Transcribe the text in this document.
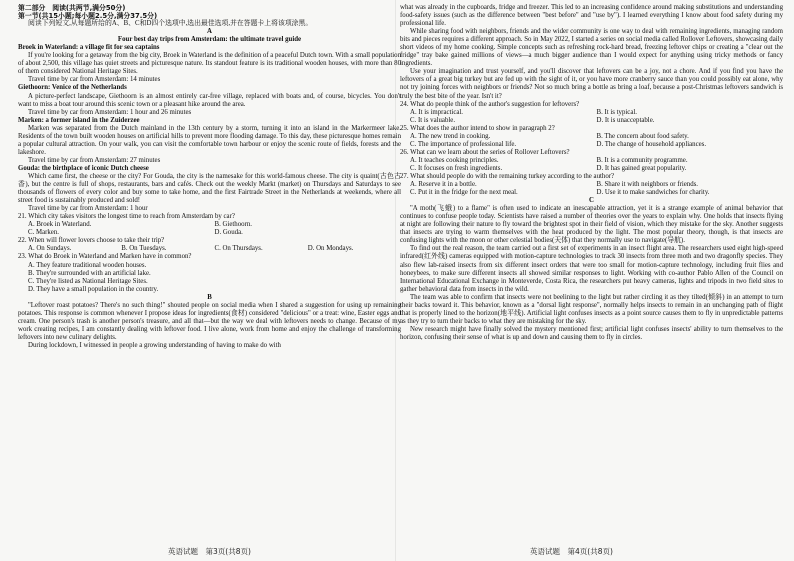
第二部分　阅读(共两节,满分50分)

第一节(共15小题;每小题2.5分,满分37.5分)

阅读下列短文,从每题所给的A、B、C和D四个选项中,选出最佳选项,并在答题卡上将该项涂黑。

A

Four best day trips from Amsterdam: the ultimate travel guide

Broek in Waterland: a village fit for sea captains

If you're looking for a getaway from the big city, Broek in Waterland is the definition of a peaceful Dutch town. With a small population of about 2,500, this village has quiet streets and picturesque nature. Its standout feature is its traditional wooden houses, with more than 80 of them considered National Heritage Sites.

Travel time by car from Amsterdam: 14 minutes

Giethoorn: Venice of the Netherlands

A picture-perfect landscape, Giethoorn is an almost entirely car-free village, replaced with boats and, of course, bicycles. You don't want to miss a boat tour around this scenic town or a pleasant hike around the area.

Travel time by car from Amsterdam: 1 hour and 26 minutes

Marken: a former island in the Zuiderzee

Marken was separated from the Dutch mainland in the 13th century by a storm, turning it into an island in the Markermeer lake. Residents of the town built wooden houses on artificial hills to prevent more flooding damage. To this day, these picturesque homes remain a popular cultural attraction. On your walk, you can visit the comfortable town harbour or enjoy the scenic route of fields, forests and the lakeshore.

Travel time by car from Amsterdam: 27 minutes

Gouda: the birthplace of iconic Dutch cheese

Which came first, the cheese or the city? For Gouda, the city is the namesake for this world-famous cheese. The city is quaint(古色古香), but the centre is full of shops, restaurants, bars and cafés. Check out the weekly Markt (market) on Thursdays and Saturdays to see thousands of flowers of every color and buy some to take home, and the first Fairtrade Street in the Netherlands at weekends, where all street food is sustainably produced and sold!

Travel time by car from Amsterdam: 1 hour

21. Which city takes visitors the longest time to reach from Amsterdam by car?

A. Broek in Waterland.	B. Giethoorn.
C. Marken.	D. Gouda.

22. When will flower lovers choose to take their trip?

A. On Sundays.	B. On Tuesdays.	C. On Thursdays.	D. On Mondays.

23. What do Broek in Waterland and Marken have in common?

A. They feature traditional wooden houses.
B. They're surrounded with an artificial lake.
C. They're listed as National Heritage Sites.
D. They have a small population in the country.

B

"Leftover roast potatoes? There's no such thing!" shouted people on social media when I shared a suggestion for using up remaining potatoes. This response is common whenever I propose ideas for ingredients(食材) considered "delicious" or a treat: wine, Easter eggs and cream. One person's trash is another person's treasure, and all that—but the way we deal with leftovers needs to change. Because of my work creating recipes, I am constantly dealing with leftover food. I live alone, work from home and enjoy the challenge of transforming leftovers into new culinary delights.

During lockdown, I witnessed in people a growing understanding of having to make do with

what was already in the cupboards, fridge and freezer. This led to an increasing confidence around making substitutions and understanding food-safety issues (such as the difference between "best before" and "use by"). I learned everything I know about food safety during my professional life.

While sharing food with neighbors, friends and the wider community is one way to deal with remaining ingredients, managing random bits and pieces requires a different approach. So in May 2022, I started a series on social media called Rollover Leftovers, showcasing daily short videos of my home cooking. Simple concepts such as refreshing rock-hard bread, freezing leftover chips or creating a "clear out the fridge" tray bake gained millions of views—a much bigger audience than I would expect for anything using tricky methods or fancy ingredients.

Use your imagination and trust yourself, and you'll discover that leftovers can be a joy, not a chore. And if you find you have the leftovers of a great big turkey but are fed up with the sight of it, or you have more cranberry sauce than you could possibly eat alone, why not try joining forces with neighbors or friends? Not so much bring a bottle as bring a loaf, because a post-Christmas leftovers sandwich is truly the best bite of the year. Isn't it?

24. What do people think of the author's suggestion for leftovers?

A. It is impractical.	B. It is typical.
C. It is valuable.	D. It is unacceptable.

25. What does the author intend to show in paragraph 2?

A. The new trend in cooking.	B. The concern about food safety.
C. The importance of professional life.	D. The change of household appliances.

26. What can we learn about the series of Rollover Leftovers?

A. It teaches cooking principles.	B. It is a community programme.
C. It focuses on fresh ingredients.	D. It has gained great popularity.

27. What should people do with the remaining turkey according to the author?

A. Reserve it in a bottle.	B. Share it with neighbors or friends.
C. Put it in the fridge for the next meal.	D. Use it to make sandwiches for charity.

C

"A moth(飞蛾) to a flame" is often used to indicate an inescapable attraction, yet it is a strange example of animal behavior that continues to confuse people today. Scientists have raised a number of theories over the years to explain why. One holds that insects flying at night are following their nature to fly toward the brightest spot in their field of vision, which they mistake for the sky. Another suggests that insects are trying to warm themselves with the heat produced by the light. The most popular theory, though, is that insects are confusing lights with the moon or other celestial bodies(天体) that they normally use to navigate(导航).

To find out the real reason, the team carried out a first set of experiments in an insect flight area. The researchers used eight high-speed infrared(红外线) cameras equipped with motion-capture technologies to track 30 insects from three moth and two dragonfly species. They also flew lab-raised insects from six different insect orders that were too small for motion-capture technology, including fruit flies and honeybees, to make sure different insects all showed similar responses to light. Working with co-author Pablo Allen of the Council on International Educational Exchange in Monteverde, Costa Rica, the researchers put heavy cameras, lights and tripods in two field sites to gather behavioral data from insects in the wild.

The team was able to confirm that insects were not beelining to the light but rather circling it as they tilted(倾斜) in an attempt to turn their backs toward it. This behavior, known as a "dorsal light response", normally helps insects to remain in an unchanging path of flight that is properly lined to the horizon(地平线). Artificial light confuses insects as a point source causes them to fly in unpredictable patterns as they try to turn their backs to what they are mistaking for the sky.

New research might have finally solved the mystery mentioned first; artificial light confuses insects' ability to turn themselves to the horizon, confusing their sense of what is up and down and causing them to fly in circles.

英语试题　第3页(共8页)	英语试题　第4页(共8页)
